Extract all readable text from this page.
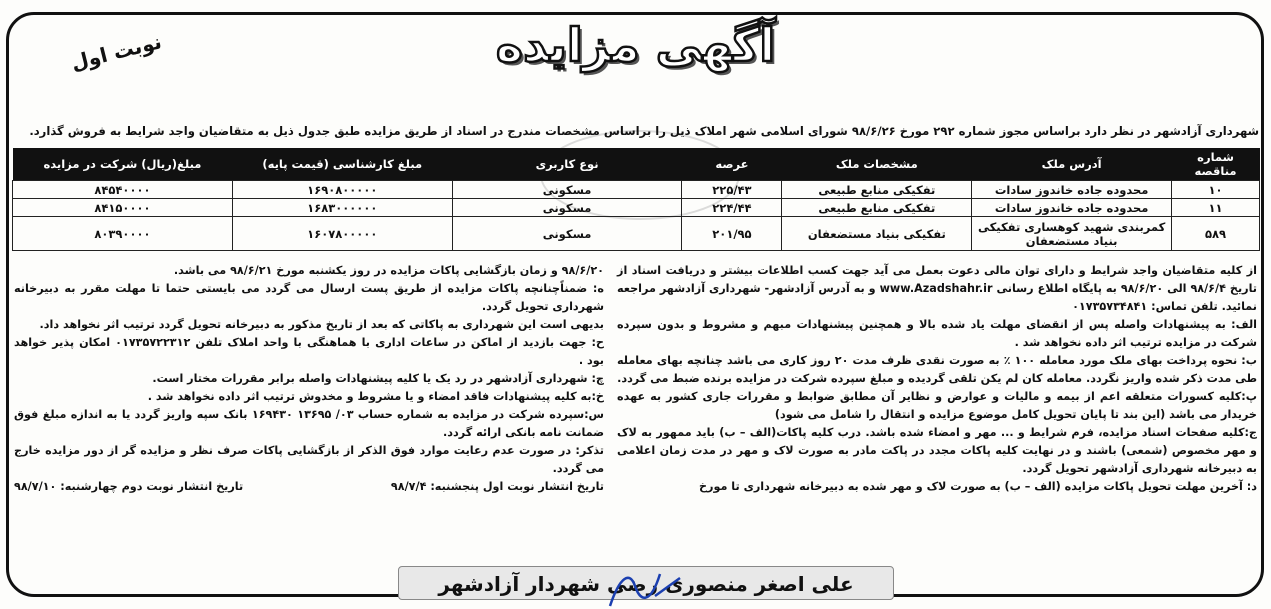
نوبت اول	آگهی مزایده
شهرداری آزادشهر در نظر دارد براساس مجوز شماره ۲۹۲ مورخ ۹۸/۶/۲۶ شورای اسلامی شهر املاک ذیل را براساس مشخصات مندرج در اسناد از طریق مزایده طبق جدول ذیل به متقاضیان واجد شرایط به فروش گذارد.
شماره مناقصه	آدرس ملک	مشخصات ملک	عرصه	نوع کاربری	مبلغ کارشناسی (قیمت پایه)	مبلغ(ریال) شرکت در مزایده
۱۰	محدوده جاده خاندوز سادات	تفکیکی منابع طبیعی	۲۲۵/۴۳	مسکونی	۱۶۹۰۸۰۰۰۰۰	۸۴۵۴۰۰۰۰
۱۱	محدوده جاده خاندوز سادات	تفکیکی منابع طبیعی	۲۲۴/۴۴	مسکونی	۱۶۸۳۰۰۰۰۰۰	۸۴۱۵۰۰۰۰
۵۸۹	کمربندی شهید کوهساری تفکیکی بنیاد مستضعفان	تفکیکی بنیاد مستضعفان	۲۰۱/۹۵	مسکونی	۱۶۰۷۸۰۰۰۰۰	۸۰۳۹۰۰۰۰

از کلیه متقاضیان واجد شرایط و دارای توان مالی دعوت بعمل می آید جهت کسب اطلاعات بیشتر و دریافت اسناد از تاریخ ۹۸/۶/۴ الی ۹۸/۶/۲۰ به پایگاه اطلاع رسانی www.Azadshahr.ir و به آدرس آزادشهر- شهرداری آزادشهر مراجعه نمائید. تلفن تماس: ۰۱۷۳۵۷۳۴۸۴۱

الف: به پیشنهادات واصله پس از انقضای مهلت یاد شده بالا و همچنین پیشنهادات مبهم و مشروط و بدون سپرده شرکت در مزایده ترتیب اثر داده نخواهد شد .

ب: نحوه پرداخت بهای ملک مورد معامله ۱۰۰ ٪ به صورت نقدی ظرف مدت ۲۰ روز کاری می باشد چنانچه بهای معامله طی مدت ذکر شده واریز نگردد. معامله کان لم یکن تلقی گردیده و مبلغ سپرده شرکت در مزایده برنده ضبط می گردد.

پ:کلیه کسورات متعلقه اعم از بیمه و مالیات و عوارض و نظایر آن مطابق ضوابط و مقررات جاری کشور به عهده خریدار می باشد (این بند تا پایان تحویل کامل موضوع مزایده و انتقال را شامل می شود)

ج:کلیه صفحات اسناد مزایده، فرم شرایط و ... مهر و امضاء شده باشد. درب کلیه پاکات(الف – ب) باید ممهور به لاک و مهر مخصوص (شمعی) باشند و در نهایت کلیه پاکات مجدد در پاکت مادر به صورت لاک و مهر در مدت زمان اعلامی به دبیرخانه شهرداری آزادشهر تحویل گردد.

د: آخرین مهلت تحویل پاکات مزایده (الف – ب) به صورت لاک و مهر شده به دبیرخانه شهرداری تا مورخ

۹۸/۶/۲۰ و زمان بازگشایی پاکات مزایده در روز یکشنبه مورخ ۹۸/۶/۲۱ می باشد.

ه: ضمناًچنانچه پاکات مزایده از طریق پست ارسال می گردد می بایستی حتما تا مهلت مقرر به دبیرخانه شهرداری تحویل گردد.

بدیهی است این شهرداری به پاکاتی که بعد از تاریخ مذکور به دبیرخانه تحویل گردد ترتیب اثر نخواهد داد.

ح: جهت بازدید از اماکن در ساعات اداری با هماهنگی با واحد املاک تلفن ۰۱۷۳۵۷۲۲۳۱۲ امکان پذیر خواهد بود .

چ: شهرداری آزادشهر در رد یک یا کلیه پیشنهادات واصله برابر مقررات مختار است.

خ:به کلیه پیشنهادات فاقد امضاء و یا مشروط و مخدوش ترتیب اثر داده نخواهد شد .

س:سپرده شرکت در مزایده به شماره حساب ۰۳/ ۱۳۶۹۵ ۱۶۹۴۳۰ بانک سپه واریز گردد یا به اندازه مبلغ فوق ضمانت نامه بانکی ارائه گردد.

تذکر: در صورت عدم رعایت موارد فوق الذکر از بازگشایی پاکات صرف نظر و مزایده گر از دور مزایده خارج می گردد.

تاریخ انتشار نوبت اول پنجشنبه: ۹۸/۷/۴
تاریخ انتشار نوبت دوم چهارشنبه: ۹۸/۷/۱۰
علی اصغر منصوری رضی شهردار آزادشهر
